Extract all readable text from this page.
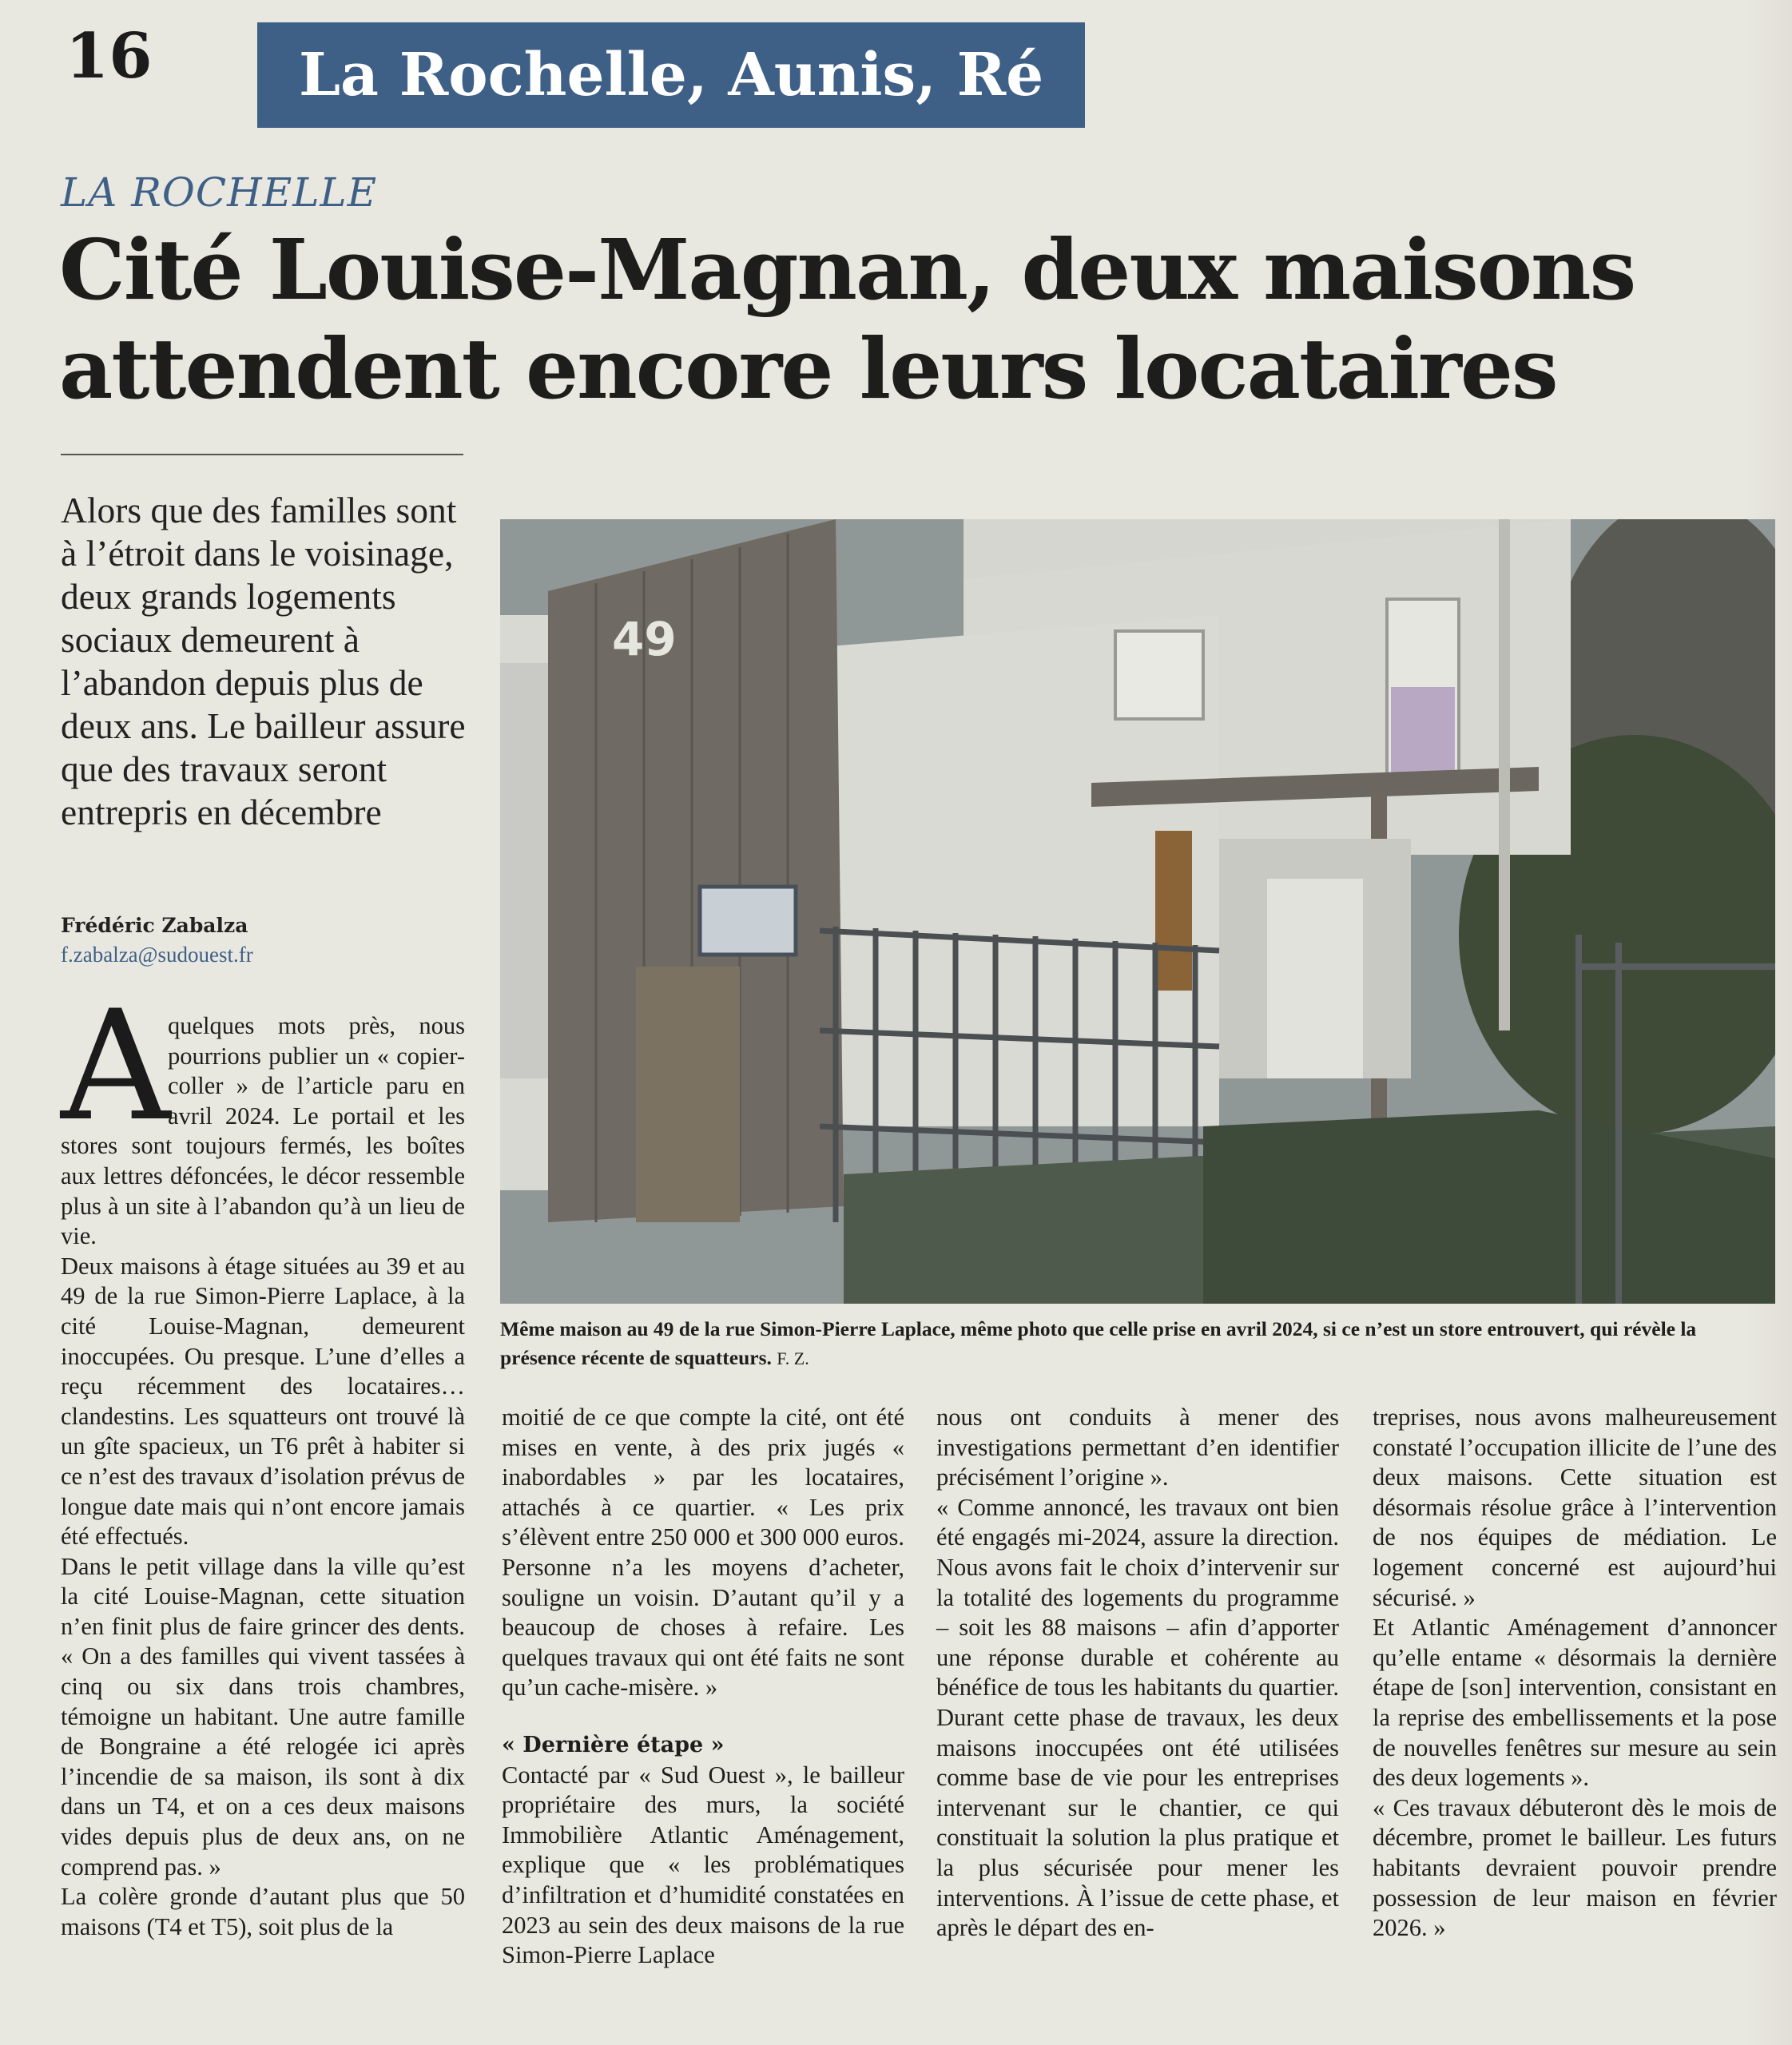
16	La Rochelle, Aunis, Ré
LA ROCHELLE
Cité Louise-Magnan, deux maisons attendent encore leurs locataires

Alors que des familles sont à l’étroit dans le voisinage, deux grands logements sociaux demeurent à l’abandon depuis plus de deux ans. Le bailleur assure que des travaux seront entrepris en décembre

Frédéric Zabalza
f.zabalza@sudouest.fr
49
Même maison au 49 de la rue Simon-Pierre Laplace, même photo que celle prise en avril 2024, si ce n’est un store entrouvert, qui révèle la présence récente de squatteurs. F. Z.

quelques mots près, nous pourrions publier un « copier-coller » de l’article paru en avril 2024. Le portail et les stores sont toujours fermés, les boîtes aux lettres défoncées, le décor ressemble plus à un site à l’abandon qu’à un lieu de vie.

Deux maisons à étage situées au 39 et au 49 de la rue Simon-Pierre Laplace, à la cité Louise-Magnan, demeurent inoccupées. Ou presque. L’une d’elles a reçu récemment des locataires… clandestins. Les squatteurs ont trouvé là un gîte spacieux, un T6 prêt à habiter si ce n’est des travaux d’isolation prévus de longue date mais qui n’ont encore jamais été effectués.

Dans le petit village dans la ville qu’est la cité Louise-Magnan, cette situation n’en finit plus de faire grincer des dents. « On a des familles qui vivent tassées à cinq ou six dans trois chambres, témoigne un habitant. Une autre famille de Bongraine a été relogée ici après l’incendie de sa maison, ils sont à dix dans un T4, et on a ces deux maisons vides depuis plus de deux ans, on ne comprend pas. »

La colère gronde d’autant plus que 50 maisons (T4 et T5), soit plus de la

A

moitié de ce que compte la cité, ont été mises en vente, à des prix jugés « inabordables » par les locataires, attachés à ce quartier. « Les prix s’élèvent entre 250 000 et 300 000 euros. Personne n’a les moyens d’acheter, souligne un voisin. D’autant qu’il y a beaucoup de choses à refaire. Les quelques travaux qui ont été faits ne sont qu’un cache-misère. »

« Dernière étape »

Contacté par « Sud Ouest », le bailleur propriétaire des murs, la société Immobilière Atlantic Aménagement, explique que « les problématiques d’infiltration et d’humidité constatées en 2023 au sein des deux maisons de la rue Simon-Pierre Laplace

nous ont conduits à mener des investigations permettant d’en identifier précisément l’origine ».

« Comme annoncé, les travaux ont bien été engagés mi-2024, assure la direction. Nous avons fait le choix d’intervenir sur la totalité des logements du programme – soit les 88 maisons – afin d’apporter une réponse durable et cohérente au bénéfice de tous les habitants du quartier. Durant cette phase de travaux, les deux maisons inoccupées ont été utilisées comme base de vie pour les entreprises intervenant sur le chantier, ce qui constituait la solution la plus pratique et la plus sécurisée pour mener les interventions. À l’issue de cette phase, et après le départ des en-

treprises, nous avons malheureusement constaté l’occupation illicite de l’une des deux maisons. Cette situation est désormais résolue grâce à l’intervention de nos équipes de médiation. Le logement concerné est aujourd’hui sécurisé. »

Et Atlantic Aménagement d’annoncer qu’elle entame « désormais la dernière étape de [son] intervention, consistant en la reprise des embellissements et la pose de nouvelles fenêtres sur mesure au sein des deux logements ».

« Ces travaux débuteront dès le mois de décembre, promet le bailleur. Les futurs habitants devraient pouvoir prendre possession de leur maison en février 2026. »
